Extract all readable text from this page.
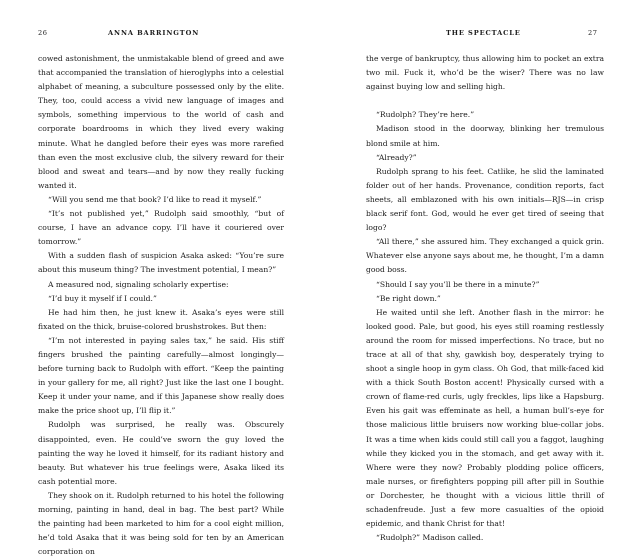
26	ANNA BARRINGTON

cowed astonishment, the unmistakable blend of greed and awe that accompanied the translation of hieroglyphs into a celestial alphabet of meaning, a subculture possessed only by the elite. They, too, could access a vivid new language of images and symbols, something impervious to the world of cash and corporate boardrooms in which they lived every waking minute. What he dangled before their eyes was more rarefied than even the most exclusive club, the silvery reward for their blood and sweat and tears—and by now they really fucking wanted it.

“Will you send me that book? I’d like to read it myself.”

“It’s not published yet,” Rudolph said smoothly, “but of course, I have an advance copy. I’ll have it couriered over tomorrow.”

With a sudden flash of suspicion Asaka asked: “You’re sure about this museum thing? The investment potential, I mean?”

A measured nod, signaling scholarly expertise:

“I’d buy it myself if I could.”

He had him then, he just knew it. Asaka’s eyes were still fixated on the thick, bruise-colored brushstrokes. But then:

“I’m not interested in paying sales tax,” he said. His stiff fingers brushed the painting carefully—almost longingly—before turning back to Rudolph with effort. “Keep the painting in your gallery for me, all right? Just like the last one I bought. Keep it under your name, and if this Japanese show really does make the price shoot up, I’ll flip it.”

Rudolph was surprised, he really was. Obscurely disappointed, even. He could’ve sworn the guy loved the painting the way he loved it himself, for its radiant history and beauty. But whatever his true feelings were, Asaka liked its cash potential more.

They shook on it. Rudolph returned to his hotel the following morning, painting in hand, deal in bag. The best part? While the painting had been marketed to him for a cool eight million, he’d told Asaka that it was being sold for ten by an American corporation on

THE SPECTACLE	27

the verge of bankruptcy, thus allowing him to pocket an extra two mil. Fuck it, who’d be the wiser? There was no law against buying low and selling high.

“Rudolph? They’re here.”

Madison stood in the doorway, blinking her tremulous blond smile at him.

“Already?”

Rudolph sprang to his feet. Catlike, he slid the laminated folder out of her hands. Provenance, condition reports, fact sheets, all emblazoned with his own initials—RJS—in crisp black serif font. God, would he ever get tired of seeing that logo?

“All there,” she assured him. They exchanged a quick grin. Whatever else anyone says about me, he thought, I’m a damn good boss.

“Should I say you’ll be there in a minute?”

“Be right down.”

He waited until she left. Another flash in the mirror: he looked good. Pale, but good, his eyes still roaming restlessly around the room for missed imperfections. No trace, but no trace at all of that shy, gawkish boy, desperately trying to shoot a single hoop in gym class. Oh God, that milk-faced kid with a thick South Boston accent! Physically cursed with a crown of flame-red curls, ugly freckles, lips like a Hapsburg. Even his gait was effeminate as hell, a human bull’s-eye for those malicious little bruisers now working blue-collar jobs. It was a time when kids could still call you a faggot, laughing while they kicked you in the stomach, and get away with it. Where were they now? Probably plodding police officers, male nurses, or firefighters popping pill after pill in Southie or Dorchester, he thought with a vicious little thrill of schadenfreude. Just a few more casualties of the opioid epidemic, and thank Christ for that!

“Rudolph?” Madison called.
